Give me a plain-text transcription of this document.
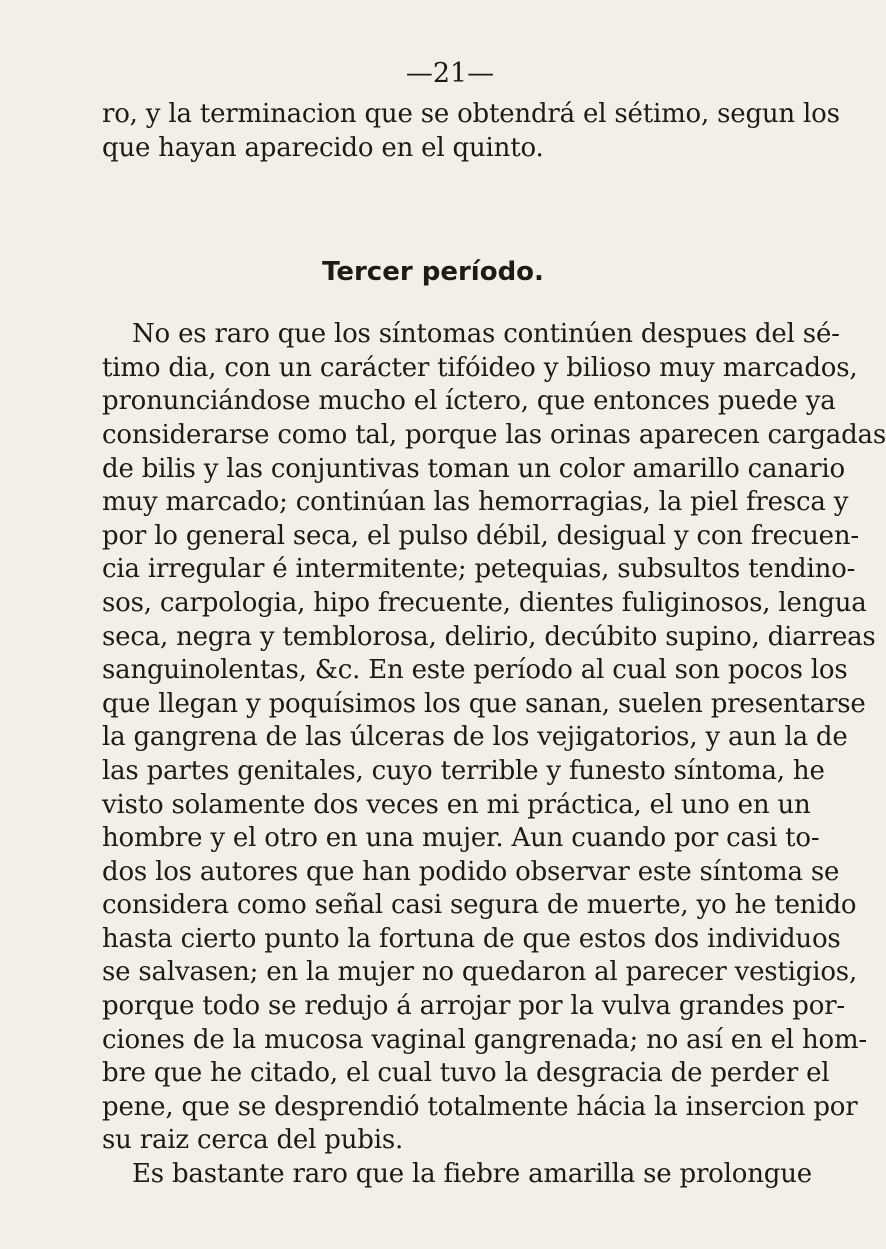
—21—
ro, y la terminacion que se obtendrá el sétimo, segun los
que hayan aparecido en el quinto.
Tercer período.
No es raro que los síntomas continúen despues del sé-
timo dia, con un carácter tifóideo y bilioso muy marcados,
pronunciándose mucho el íctero, que entonces puede ya
considerarse como tal, porque las orinas aparecen cargadas
de bilis y las conjuntivas toman un color amarillo canario
muy marcado; continúan las hemorragias, la piel fresca y
por lo general seca, el pulso débil, desigual y con frecuen-
cia irregular é intermitente; petequias, subsultos tendino-
sos, carpologia, hipo frecuente, dientes fuliginosos, lengua
seca, negra y temblorosa, delirio, decúbito supino, diarreas
sanguinolentas, &c. En este período al cual son pocos los
que llegan y poquísimos los que sanan, suelen presentarse
la gangrena de las úlceras de los vejigatorios, y aun la de
las partes genitales, cuyo terrible y funesto síntoma, he
visto solamente dos veces en mi práctica, el uno en un
hombre y el otro en una mujer. Aun cuando por casi to-
dos los autores que han podido observar este síntoma se
considera como señal casi segura de muerte, yo he tenido
hasta cierto punto la fortuna de que estos dos individuos
se salvasen; en la mujer no quedaron al parecer vestigios,
porque todo se redujo á arrojar por la vulva grandes por-
ciones de la mucosa vaginal gangrenada; no así en el hom-
bre que he citado, el cual tuvo la desgracia de perder el
pene, que se desprendió totalmente hácia la insercion por
su raiz cerca del pubis.
Es bastante raro que la fiebre amarilla se prolongue
